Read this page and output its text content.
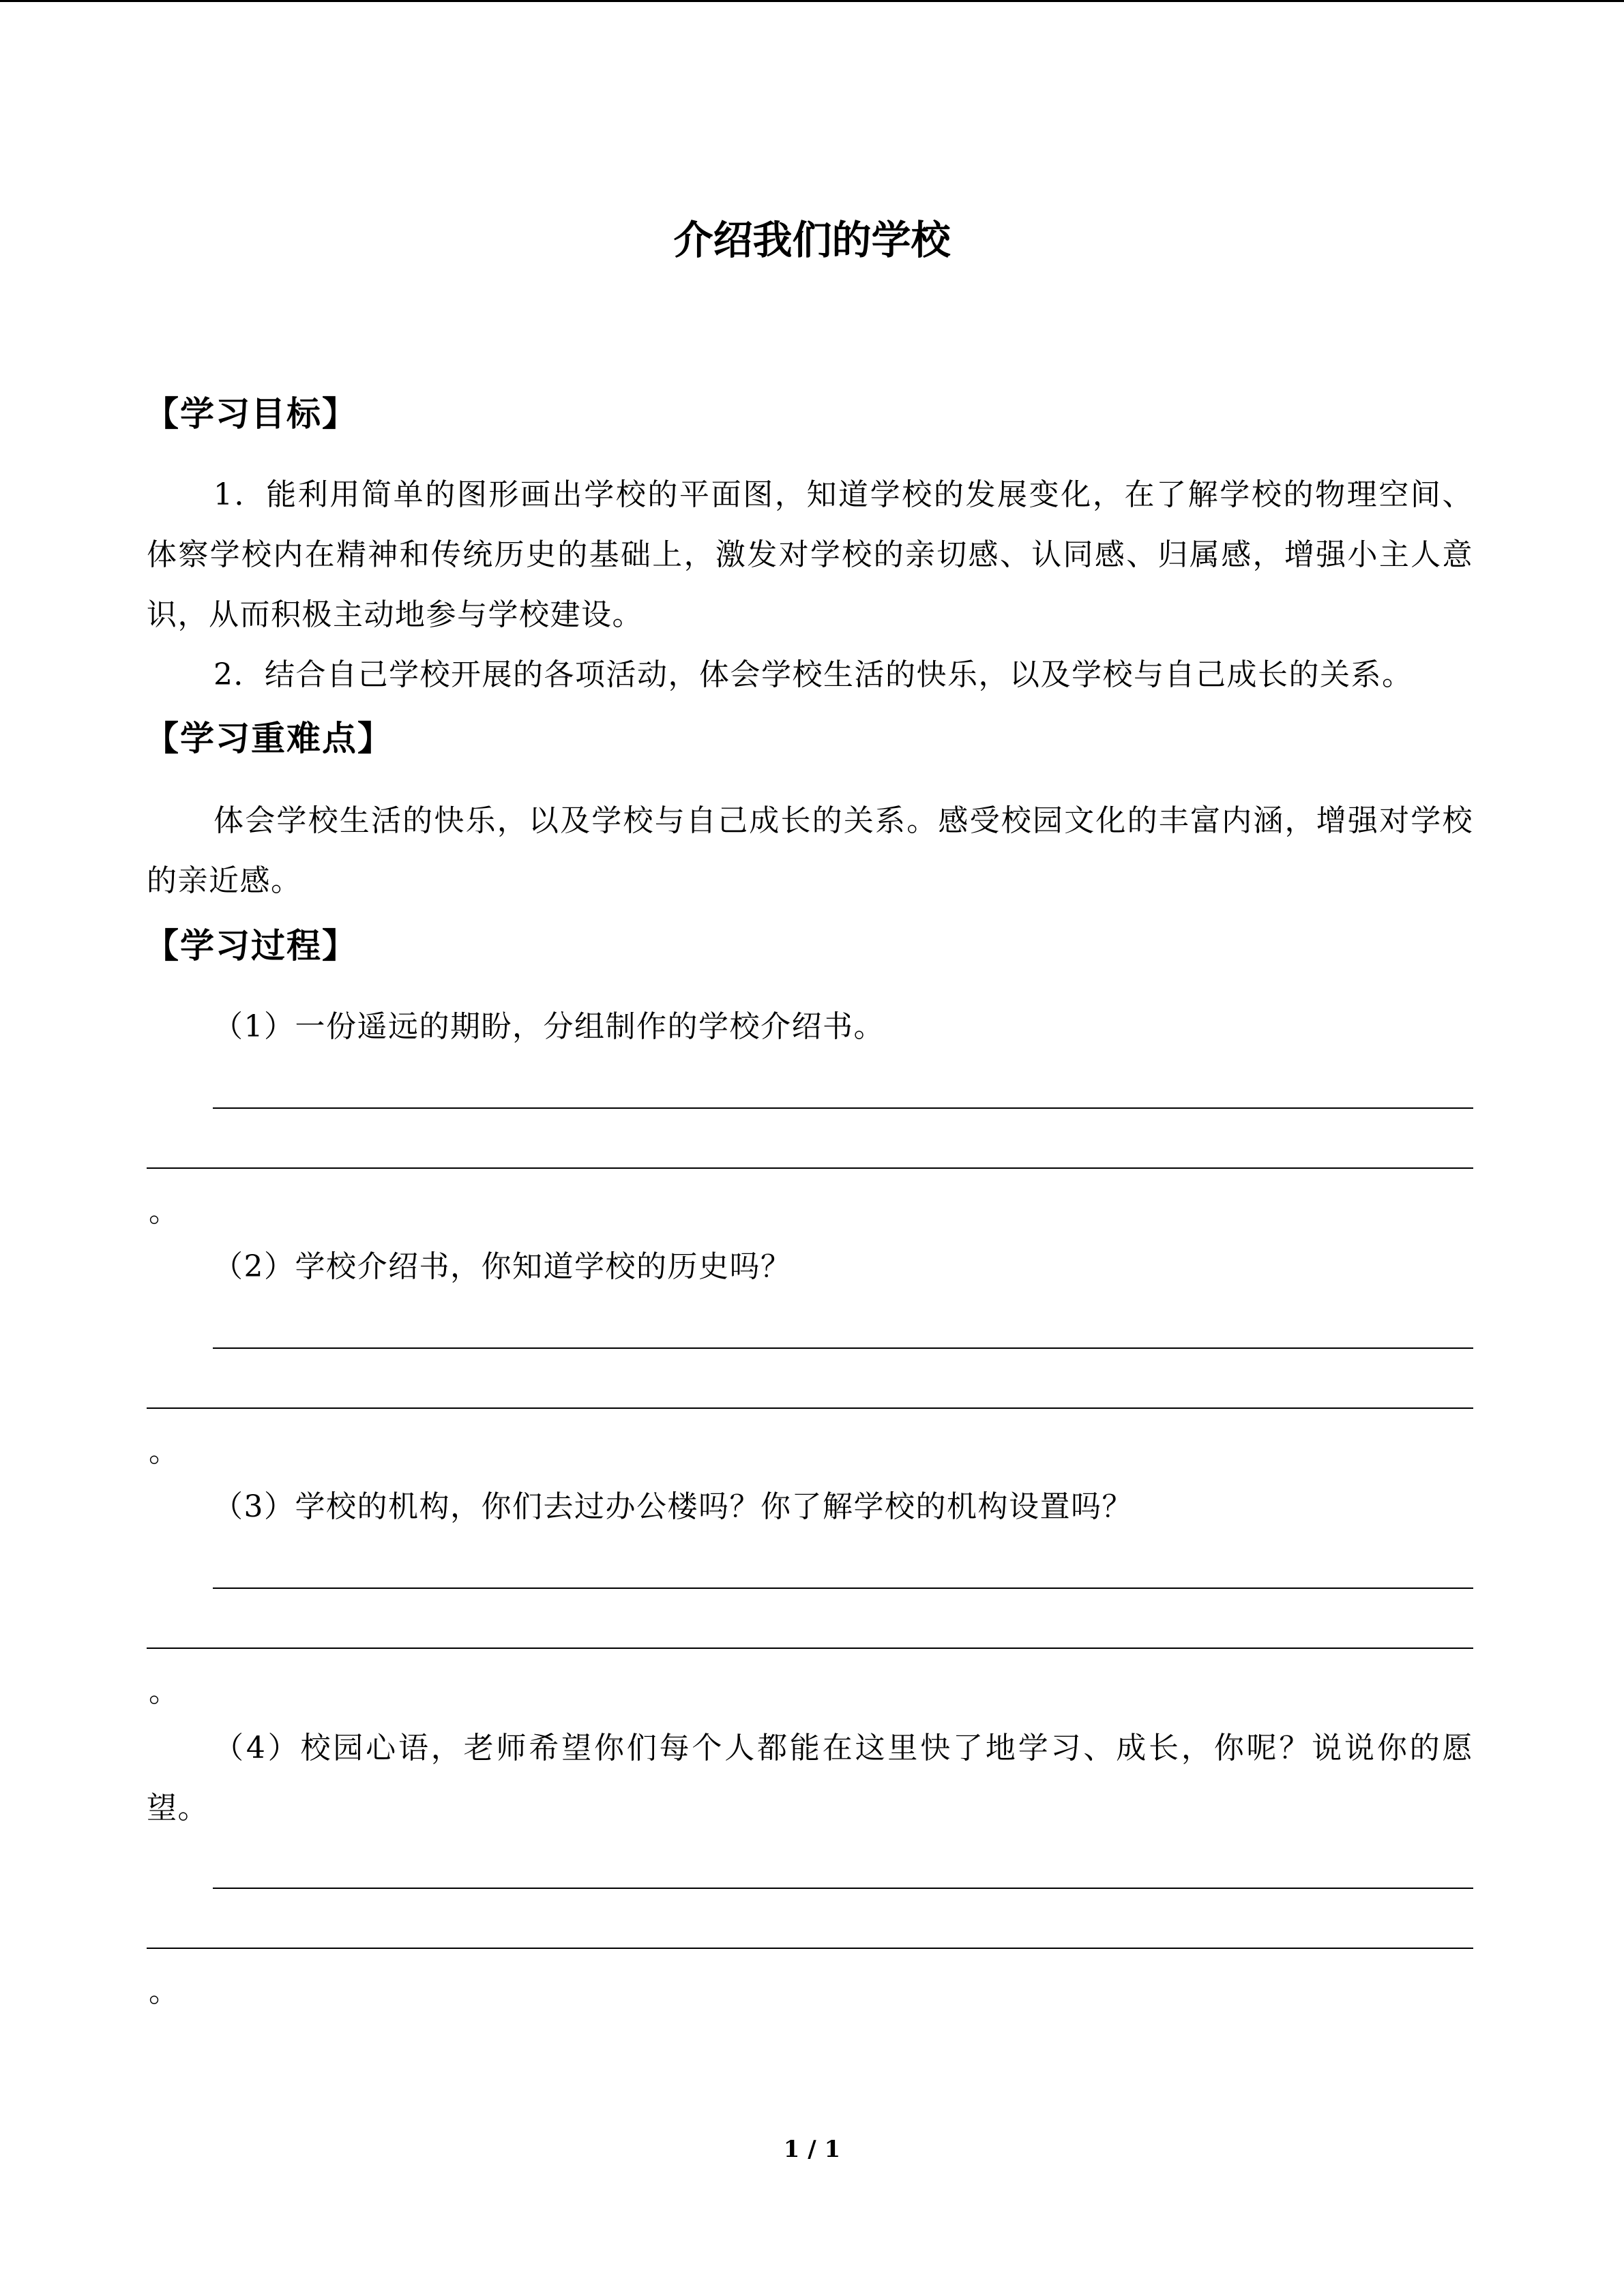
介绍我们的学校
【学习目标】
1．能利用简单的图形画出学校的平面图，知道学校的发展变化，在了解学校的物理空间、体察学校内在精神和传统历史的基础上，激发对学校的亲切感、认同感、归属感，增强小主人意识，从而积极主动地参与学校建设。
2．结合自己学校开展的各项活动，体会学校生活的快乐，以及学校与自己成长的关系。
【学习重难点】
体会学校生活的快乐，以及学校与自己成长的关系。感受校园文化的丰富内涵，增强对学校的亲近感。
【学习过程】
（1）一份遥远的期盼，分组制作的学校介绍书。
。
（2）学校介绍书，你知道学校的历史吗？
。
（3）学校的机构，你们去过办公楼吗？你了解学校的机构设置吗？
。
（4）校园心语，老师希望你们每个人都能在这里快了地学习、成长，你呢？说说你的愿望。
。
1 / 1
